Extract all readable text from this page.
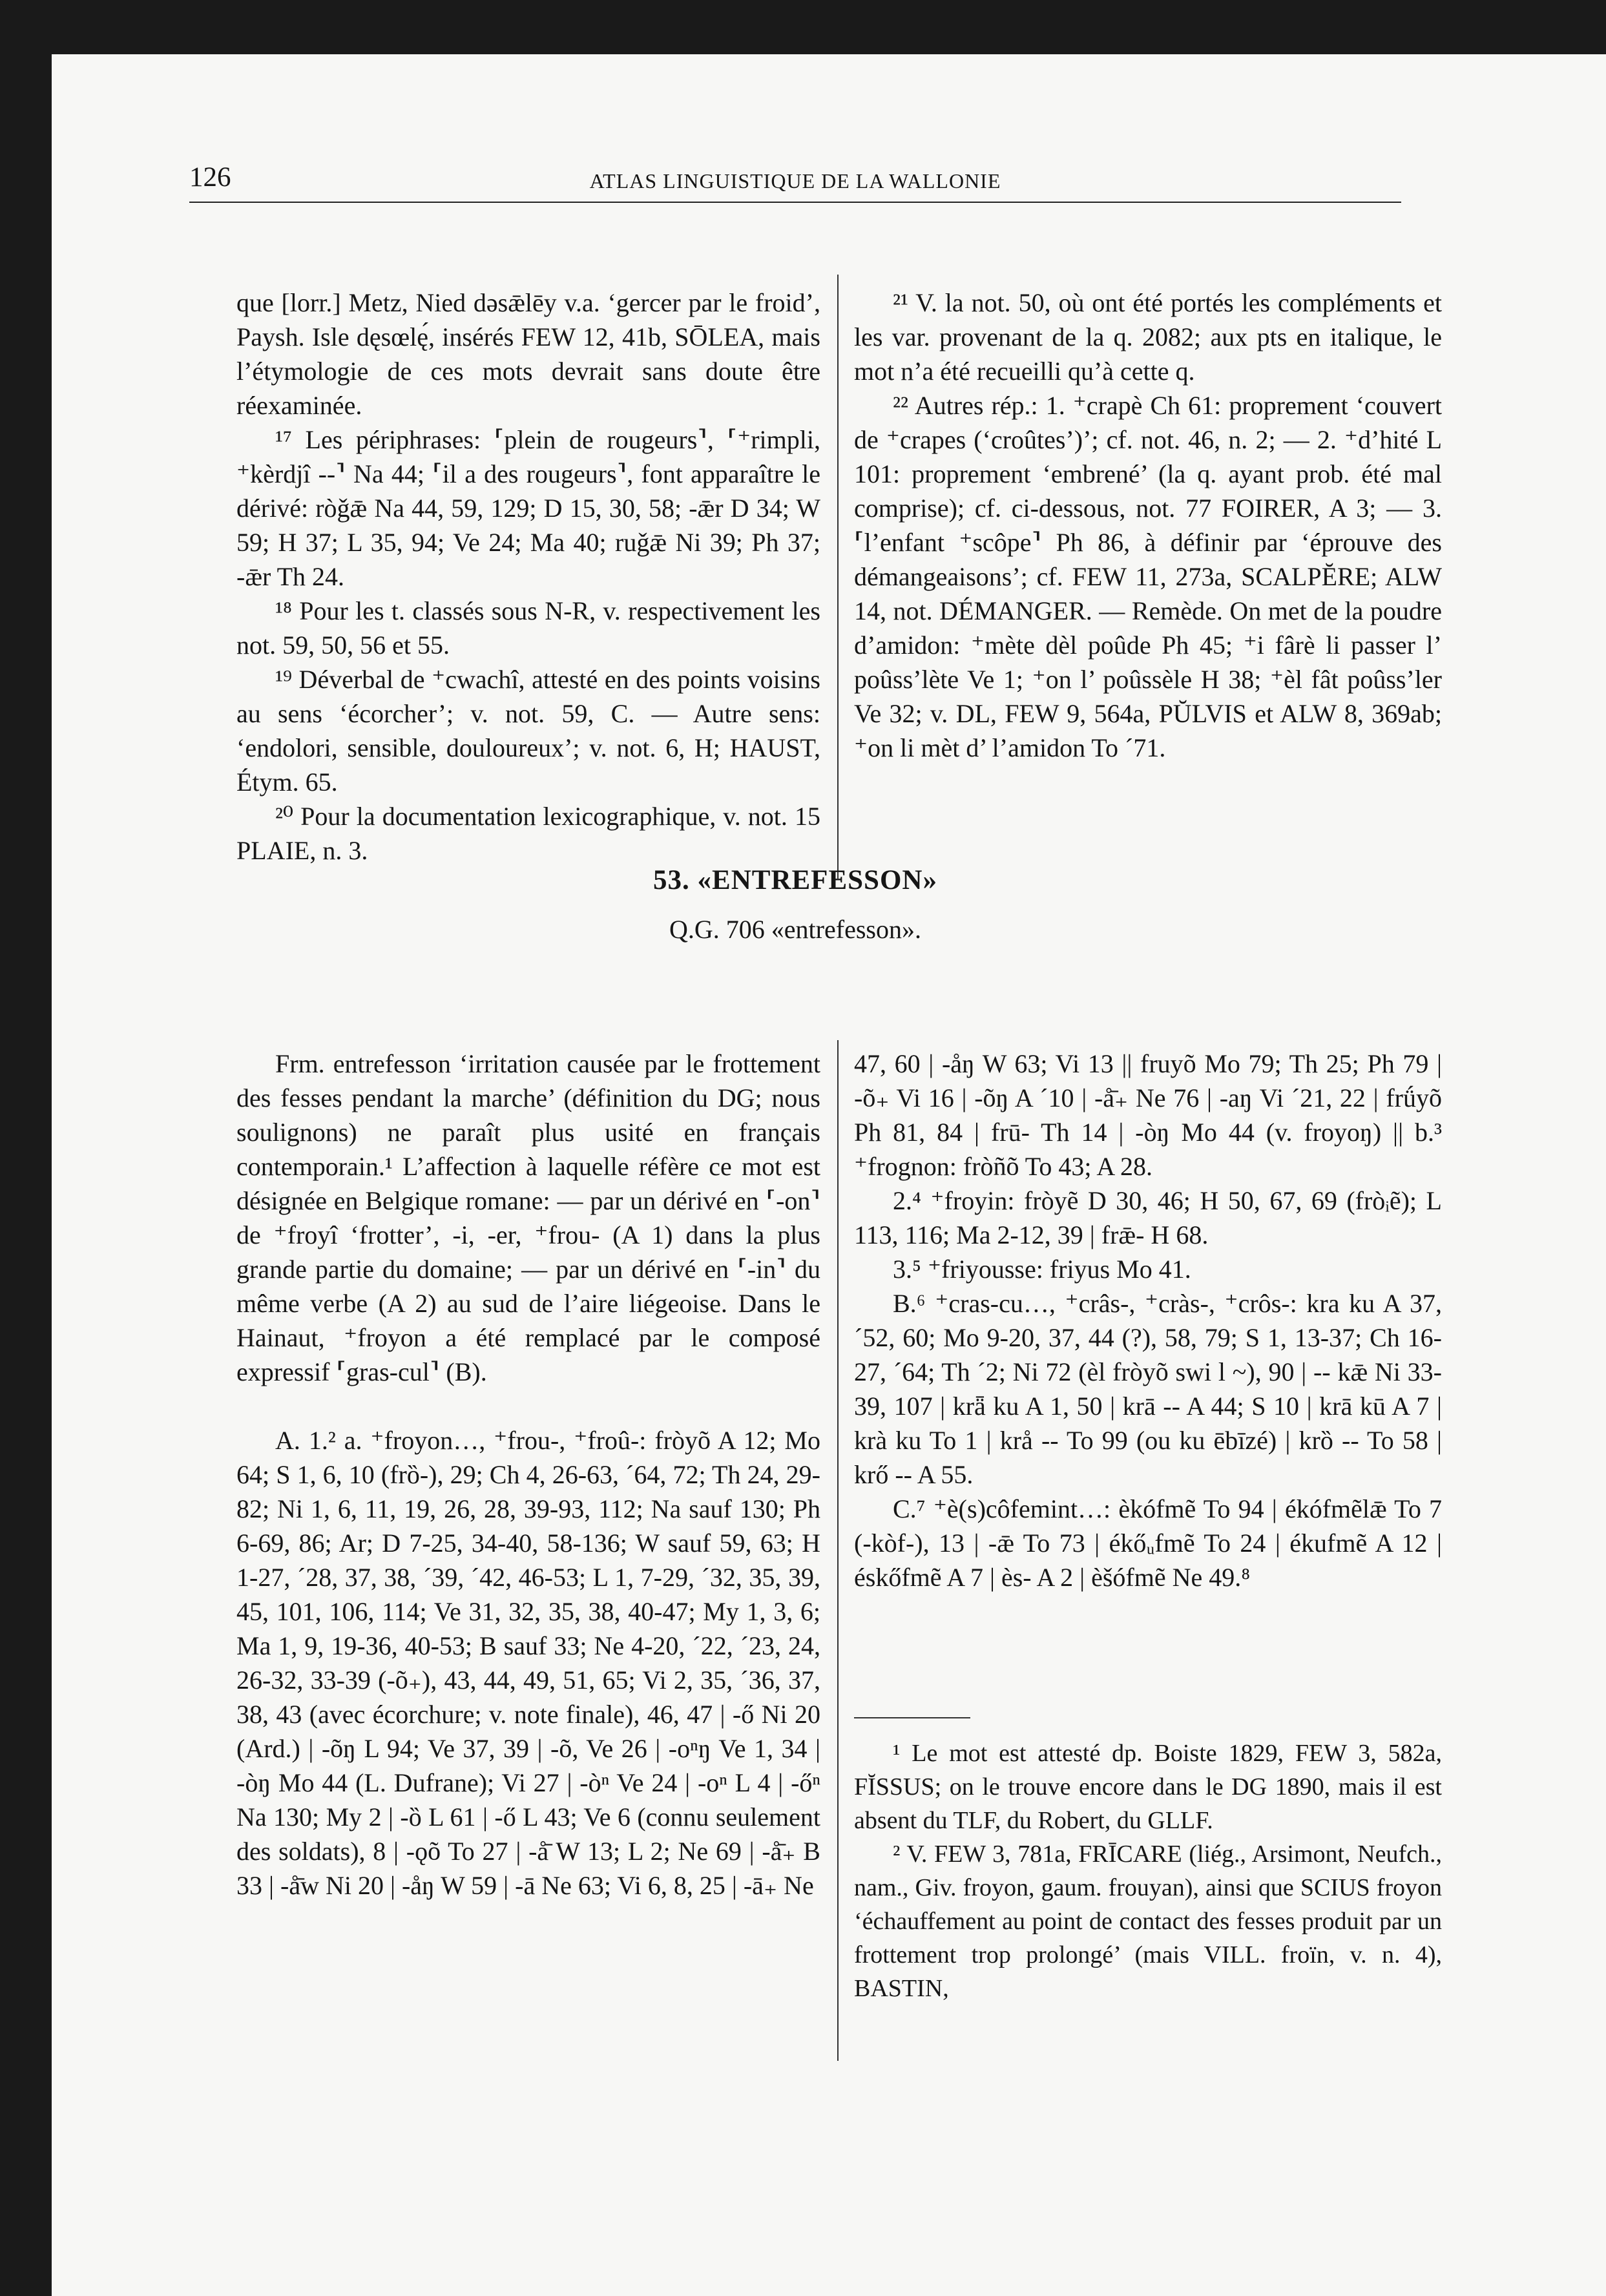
126	ATLAS LINGUISTIQUE DE LA WALLONIE

que [lorr.] Metz, Nied dəsǣlēy v.a. ‘gercer par le froid’, Paysh. Isle dęsœlę́, insérés FEW 12, 41b, SŌLEA, mais l’étymologie de ces mots devrait sans doute être réexaminée.

¹⁷ Les périphrases: ⸢plein de rougeurs⸣, ⸢⁺rimpli, ⁺kèrdjî --⸣ Na 44; ⸢il a des rougeurs⸣, font apparaître le dérivé: ròǧǣ Na 44, 59, 129; D 15, 30, 58; -ǣr D 34; W 59; H 37; L 35, 94; Ve 24; Ma 40; ruǧǣ Ni 39; Ph 37; -ǣr Th 24.

¹⁸ Pour les t. classés sous N-R, v. respectivement les not. 59, 50, 56 et 55.

¹⁹ Déverbal de ⁺cwachî, attesté en des points voisins au sens ‘écorcher’; v. not. 59, C. — Autre sens: ‘endolori, sensible, douloureux’; v. not. 6, H; HAUST, Étym. 65.

²⁰ Pour la documentation lexicographique, v. not. 15 PLAIE, n. 3.

²¹ V. la not. 50, où ont été portés les compléments et les var. provenant de la q. 2082; aux pts en italique, le mot n’a été recueilli qu’à cette q.

²² Autres rép.: 1. ⁺crapè Ch 61: proprement ‘couvert de ⁺crapes (‘croûtes’)’; cf. not. 46, n. 2; — 2. ⁺d’hité L 101: proprement ‘embrené’ (la q. ayant prob. été mal comprise); cf. ci-dessous, not. 77 FOIRER, A 3; — 3. ⸢l’enfant ⁺scôpe⸣ Ph 86, à définir par ‘éprouve des démangeaisons’; cf. FEW 11, 273a, SCALPĔRE; ALW 14, not. DÉMANGER. — Remède. On met de la poudre d’amidon: ⁺mète dèl poûde Ph 45; ⁺i fârè li passer l’ poûss’lète Ve 1; ⁺on l’ poûssèle H 38; ⁺èl fât poûss’ler Ve 32; v. DL, FEW 9, 564a, PŬLVIS et ALW 8, 369ab; ⁺on li mèt d’ l’amidon To ´71.

53. «ENTREFESSON»
Q.G. 706 «entrefesson».

Frm. entrefesson ‘irritation causée par le frottement des fesses pendant la marche’ (définition du DG; nous soulignons) ne paraît plus usité en français contemporain.¹ L’affection à laquelle réfère ce mot est désignée en Belgique romane: — par un dérivé en ⸢-on⸣ de ⁺froyî ‘frotter’, -i, -er, ⁺frou- (A 1) dans la plus grande partie du domaine; — par un dérivé en ⸢-in⸣ du même verbe (A 2) au sud de l’aire liégeoise. Dans le Hainaut, ⁺froyon a été remplacé par le composé expressif ⸢gras-cul⸣ (B).

A. 1.² a. ⁺froyon…, ⁺frou-, ⁺froû-: fròyõ A 12; Mo 64; S 1, 6, 10 (frȍ-), 29; Ch 4, 26-63, ´64, 72; Th 24, 29-82; Ni 1, 6, 11, 19, 26, 28, 39-93, 112; Na sauf 130; Ph 6-69, 86; Ar; D 7-25, 34-40, 58-136; W sauf 59, 63; H 1-27, ´28, 37, 38, ´39, ´42, 46-53; L 1, 7-29, ´32, 35, 39, 45, 101, 106, 114; Ve 31, 32, 35, 38, 40-47; My 1, 3, 6; Ma 1, 9, 19-36, 40-53; B sauf 33; Ne 4-20, ´22, ´23, 24, 26-32, 33-39 (-õ₊), 43, 44, 49, 51, 65; Vi 2, 35, ´36, 37, 38, 43 (avec écorchure; v. note finale), 46, 47 | -ő Ni 20 (Ard.) | -õŋ L 94; Ve 37, 39 | -õ, Ve 26 | -oⁿŋ Ve 1, 34 | -òŋ Mo 44 (L. Dufrane); Vi 27 | -òⁿ Ve 24 | -oⁿ L 4 | -őⁿ Na 130; My 2 | -ȍ L 61 | -ő L 43; Ve 6 (connu seulement des soldats), 8 | -ǫõ To 27 | -å̄ W 13; L 2; Ne 69 | -å̄₊ B 33 | -å̄w Ni 20 | -åŋ W 59 | -ā Ne 63; Vi 6, 8, 25 | -ā₊ Ne

47, 60 | -åŋ W 63; Vi 13 || fruyõ Mo 79; Th 25; Ph 79 | -õ₊ Vi 16 | -õŋ A ´10 | -å̄₊ Ne 76 | -aŋ Vi ´21, 22 | frǘyõ Ph 81, 84 | frū- Th 14 | -òŋ Mo 44 (v. froyoŋ) || b.³ ⁺frognon: fròñõ To 43; A 28.

2.⁴ ⁺froyin: fròyẽ D 30, 46; H 50, 67, 69 (fròᵢẽ); L 113, 116; Ma 2-12, 39 | frǣ- H 68.

3.⁵ ⁺friyousse: friyus Mo 41.

B.⁶ ⁺cras-cu…, ⁺crâs-, ⁺cràs-, ⁺crôs-: kra ku A 37, ´52, 60; Mo 9-20, 37, 44 (?), 58, 79; S 1, 13-37; Ch 16-27, ´64; Th ´2; Ni 72 (èl fròyõ swi l ~), 90 | -- kǣ Ni 33-39, 107 | krǟ ku A 1, 50 | krā -- A 44; S 10 | krā kū A 7 | krà ku To 1 | krå -- To 99 (ou ku ēbīzé) | krȍ -- To 58 | krő -- A 55.

C.⁷ ⁺è(s)côfemint…: èkófmẽ To 94 | ékófmẽlǣ To 7 (-kòf-), 13 | -ǣ To 73 | ékőᵤfmẽ To 24 | ékufmẽ A 12 | éskőfmẽ A 7 | ès- A 2 | èšófmẽ Ne 49.⁸

¹ Le mot est attesté dp. Boiste 1829, FEW 3, 582a, FĬSSUS; on le trouve encore dans le DG 1890, mais il est absent du TLF, du Robert, du GLLF.

² V. FEW 3, 781a, FRĪCARE (liég., Arsimont, Neufch., nam., Giv. froyon, gaum. frouyan), ainsi que SCIUS froyon ‘échauffement au point de contact des fesses produit par un frottement trop prolongé’ (mais VILL. froïn, v. n. 4), BASTIN,
